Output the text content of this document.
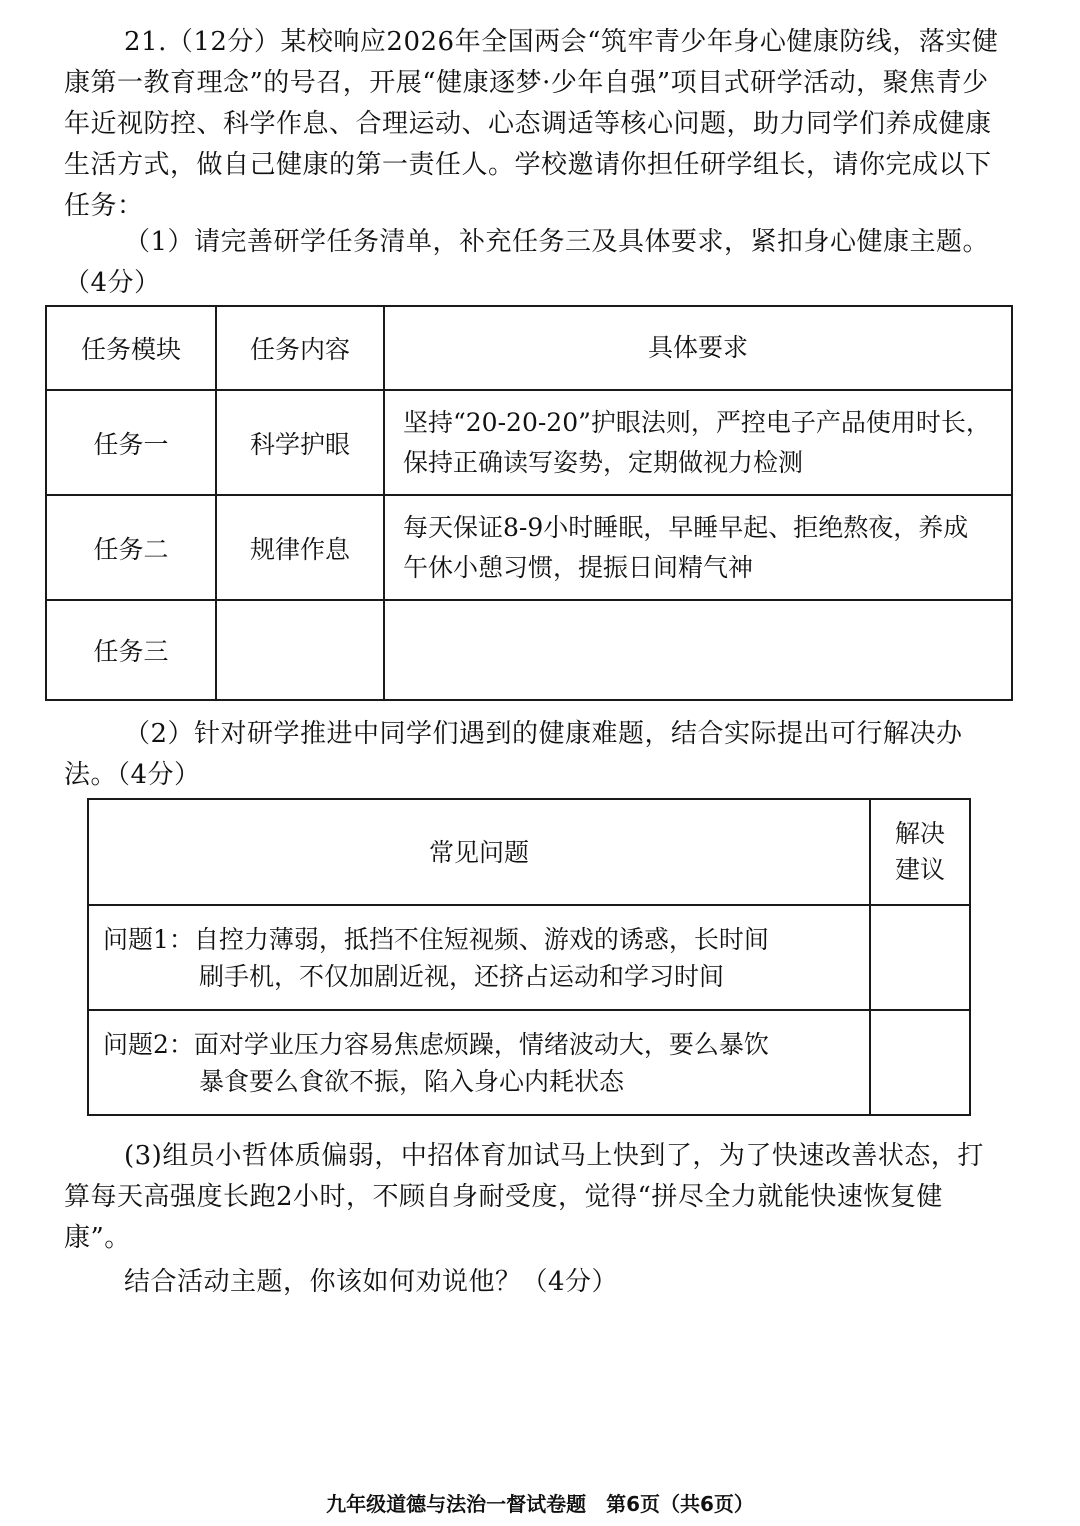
21.（12分）某校响应2026年全国两会“筑牢青少年身心健康防线，落实健康第一教育理念”的号召，开展“健康逐梦·少年自强”项目式研学活动，聚焦青少年近视防控、科学作息、合理运动、心态调适等核心问题，助力同学们养成健康生活方式，做自己健康的第一责任人。学校邀请你担任研学组长，请你完成以下任务：
（1）请完善研学任务清单，补充任务三及具体要求，紧扣身心健康主题。（4分）
任务模块	任务内容	具体要求
任务一	科学护眼	坚持“20-20-20”护眼法则，严控电子产品使用时长，保持正确读写姿势，定期做视力检测
任务二	规律作息	每天保证8-9小时睡眠，早睡早起、拒绝熬夜，养成午休小憩习惯，提振日间精气神
任务三		
（2）针对研学推进中同学们遇到的健康难题，结合实际提出可行解决办法。（4分）
常见问题	解决
建议

问题1：自控力薄弱，抵挡不住短视频、游戏的诱惑，长时间
刷手机，不仅加剧近视，还挤占运动和学习时间	

问题2：面对学业压力容易焦虑烦躁，情绪波动大，要么暴饮
暴食要么食欲不振，陷入身心内耗状态	

(3)组员小哲体质偏弱，中招体育加试马上快到了，为了快速改善状态，打算每天高强度长跑2小时，不顾自身耐受度，觉得“拼尽全力就能快速恢复健康”。
结合活动主题，你该如何劝说他？（4分）
九年级道德与法治一督试卷题　第6页（共6页）
